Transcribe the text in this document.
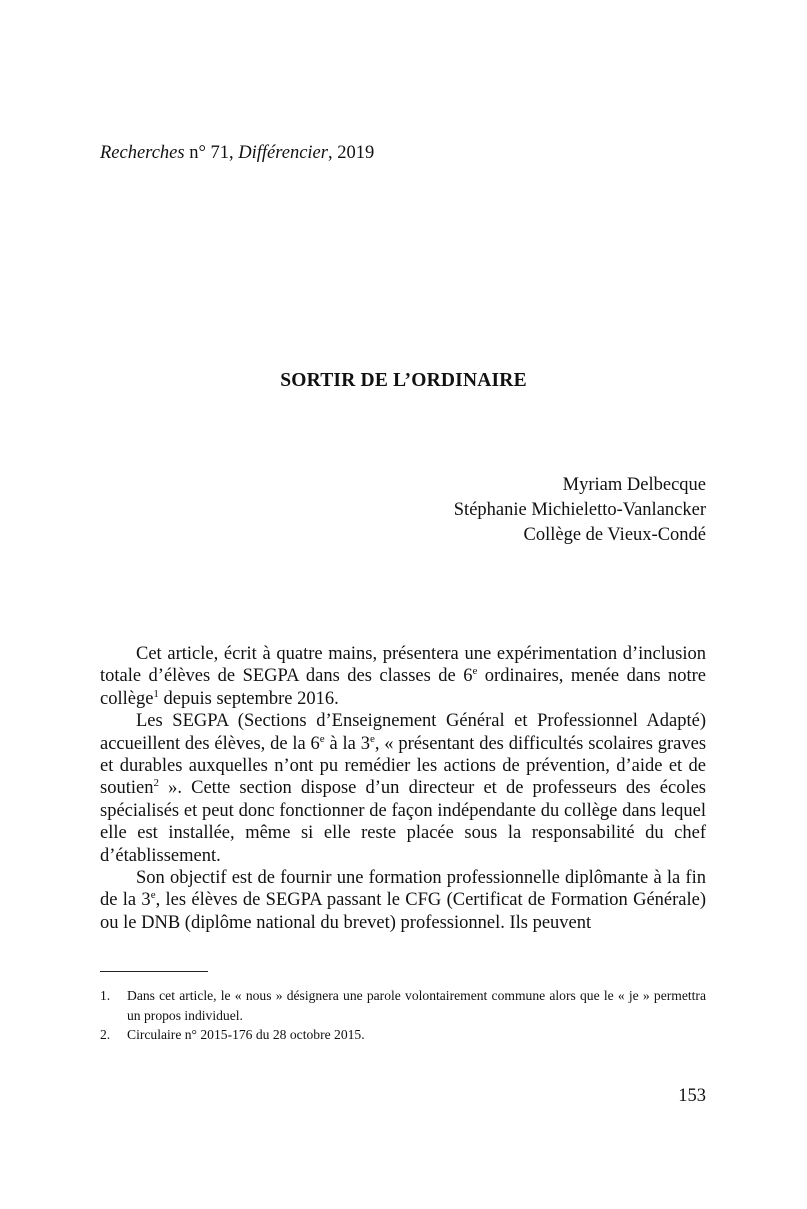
Recherches n° 71, Différencier, 2019
SORTIR DE L’ORDINAIRE
Myriam Delbecque
Stéphanie Michieletto-Vanlancker
Collège de Vieux-Condé

Cet article, écrit à quatre mains, présentera une expérimentation d’inclusion totale d’élèves de SEGPA dans des classes de 6e ordinaires, menée dans notre collège$^1$ depuis septembre 2016.

Les SEGPA (Sections d’Enseignement Général et Professionnel Adapté) accueillent des élèves, de la 6e à la 3e, « présentant des difficultés scolaires graves et durables auxquelles n’ont pu remédier les actions de prévention, d’aide et de soutien$^2$ ». Cette section dispose d’un directeur et de professeurs des écoles spécialisés et peut donc fonctionner de façon indépendante du collège dans lequel elle est installée, même si elle reste placée sous la responsabilité du chef d’établissement.

Son objectif est de fournir une formation professionnelle diplômante à la fin de la 3e, les élèves de SEGPA passant le CFG (Certificat de Formation Générale) ou le DNB (diplôme national du brevet) professionnel. Ils peuvent

1. Dans cet article, le « nous » désignera une parole volontairement commune alors que le « je » permettra un propos individuel.
2. Circulaire n° 2015-176 du 28 octobre 2015.
153
